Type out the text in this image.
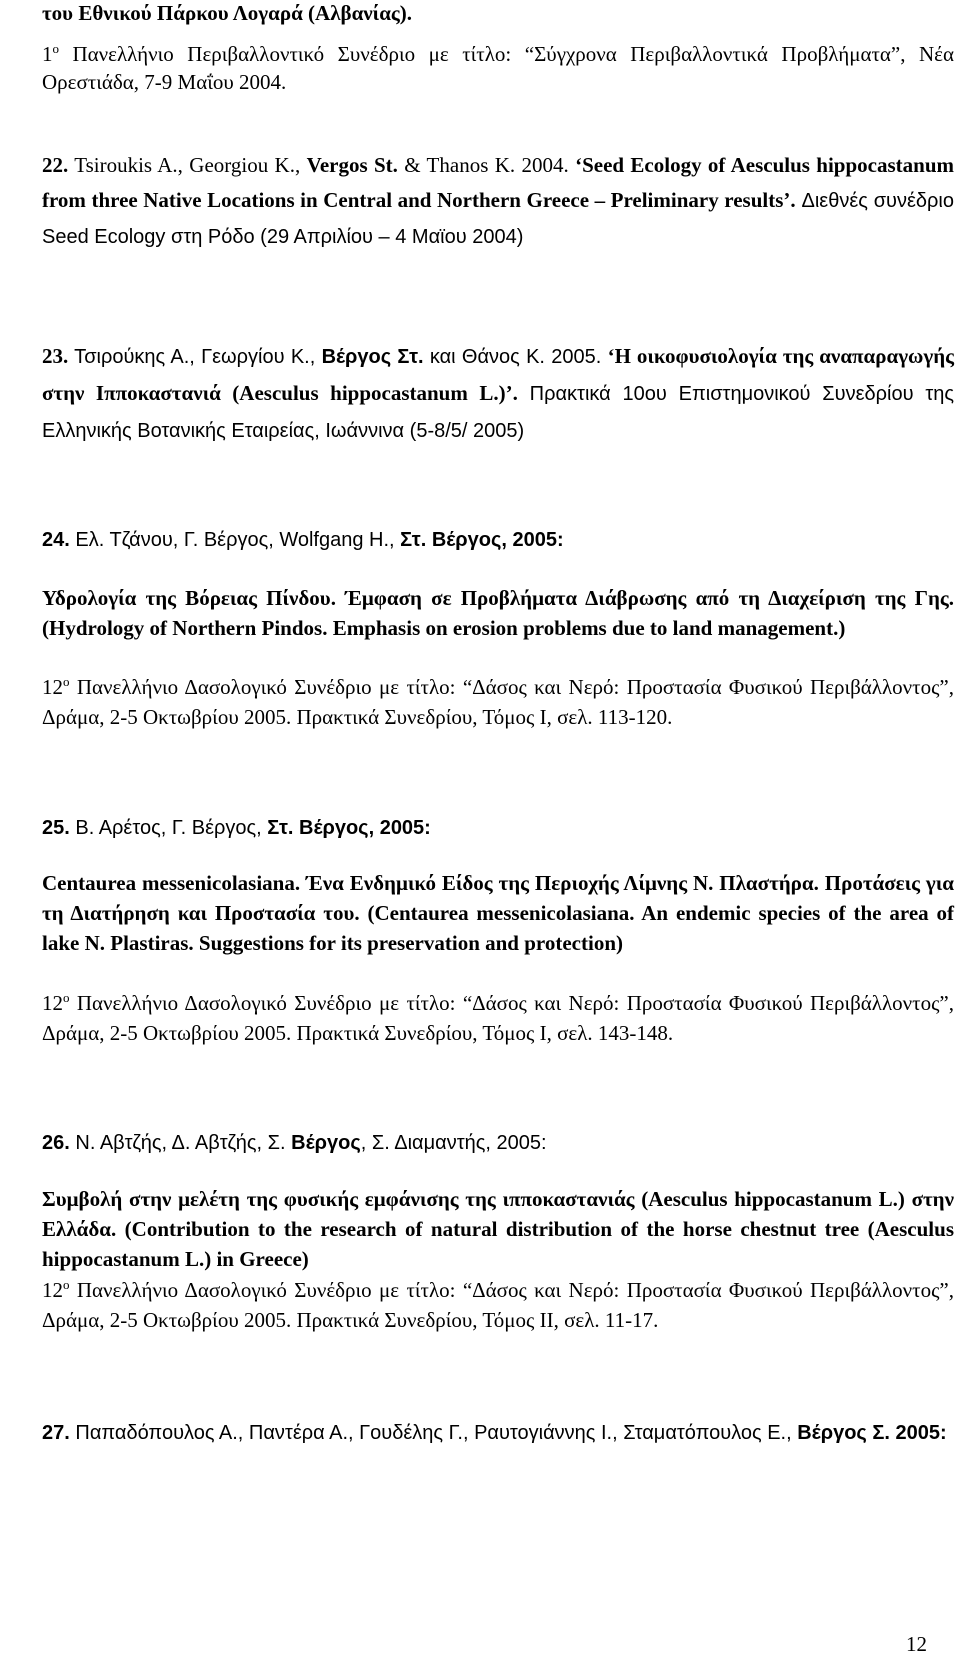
του Εθνικού Πάρκου Λογαρά (Αλβανίας).

$1^o$ Πανελλήνιο Περιβαλλοντικό Συνέδριο με τίτλο: “Σύγχρονα Περιβαλλοντικά Προβλήματα”, Νέα Ορεστιάδα, 7-9 Μαΐου 2004.

22. Tsiroukis A., Georgiou K., Vergos St. & Thanos K. 2004. ‘Seed Ecology of Aesculus hippocastanum from three Native Locations in Central and Northern Greece – Preliminary results’. Διεθνές συνέδριο Seed Ecology στη Ρόδο (29 Απριλίου – 4 Μαϊου 2004)

23. Τσιρούκης Α., Γεωργίου Κ., Βέργος Στ. και Θάνος Κ. 2005. ‘Η οικοφυσιολογία της αναπαραγωγής στην Ιπποκαστανιά (Aesculus hippocastanum L.)’. Πρακτικά 10ου Επιστημονικού Συνεδρίου της Ελληνικής Βοτανικής Εταιρείας, Ιωάννινα (5-8/5/ 2005)

24. Ελ. Τζάνου, Γ. Βέργος, Wolfgang H., Στ. Βέργος, 2005:

Υδρολογία της Βόρειας Πίνδου. Έμφαση σε Προβλήματα Διάβρωσης από τη Διαχείριση της Γης. (Hydrology of Northern Pindos. Emphasis on erosion problems due to land management.)

$12^o$ Πανελλήνιο Δασολογικό Συνέδριο με τίτλο: “Δάσος και Νερό: Προστασία Φυσικού Περιβάλλοντος”, Δράμα, 2-5 Οκτωβρίου 2005. Πρακτικά Συνεδρίου, Τόμος Ι, σελ. 113-120.

25. Β. Αρέτος, Γ. Βέργος, Στ. Βέργος, 2005:

Centaurea messenicolasiana. Ένα Ενδημικό Είδος της Περιοχής Λίμνης Ν. Πλαστήρα. Προτάσεις για τη Διατήρηση και Προστασία του. (Centaurea messenicolasiana. An endemic species of the area of lake N. Plastiras. Suggestions for its preservation and protection)

$12^o$ Πανελλήνιο Δασολογικό Συνέδριο με τίτλο: “Δάσος και Νερό: Προστασία Φυσικού Περιβάλλοντος”, Δράμα, 2-5 Οκτωβρίου 2005. Πρακτικά Συνεδρίου, Τόμος Ι, σελ. 143-148.

26. Ν. Αβτζής, Δ. Αβτζής, Σ. Βέργος, Σ. Διαμαντής, 2005:

Συμβολή στην μελέτη της φυσικής εμφάνισης της ιπποκαστανιάς (Aesculus hippocastanum L.) στην Ελλάδα. (Contribution to the research of natural distribution of the horse chestnut tree (Aesculus hippocastanum L.) in Greece)

$12^o$ Πανελλήνιο Δασολογικό Συνέδριο με τίτλο: “Δάσος και Νερό: Προστασία Φυσικού Περιβάλλοντος”, Δράμα, 2-5 Οκτωβρίου 2005. Πρακτικά Συνεδρίου, Τόμος ΙΙ, σελ. 11-17.

27. Παπαδόπουλος Α., Παντέρα Α., Γουδέλης Γ., Ραυτογιάννης Ι., Σταματόπουλος Ε., Βέργος Σ. 2005:

12
